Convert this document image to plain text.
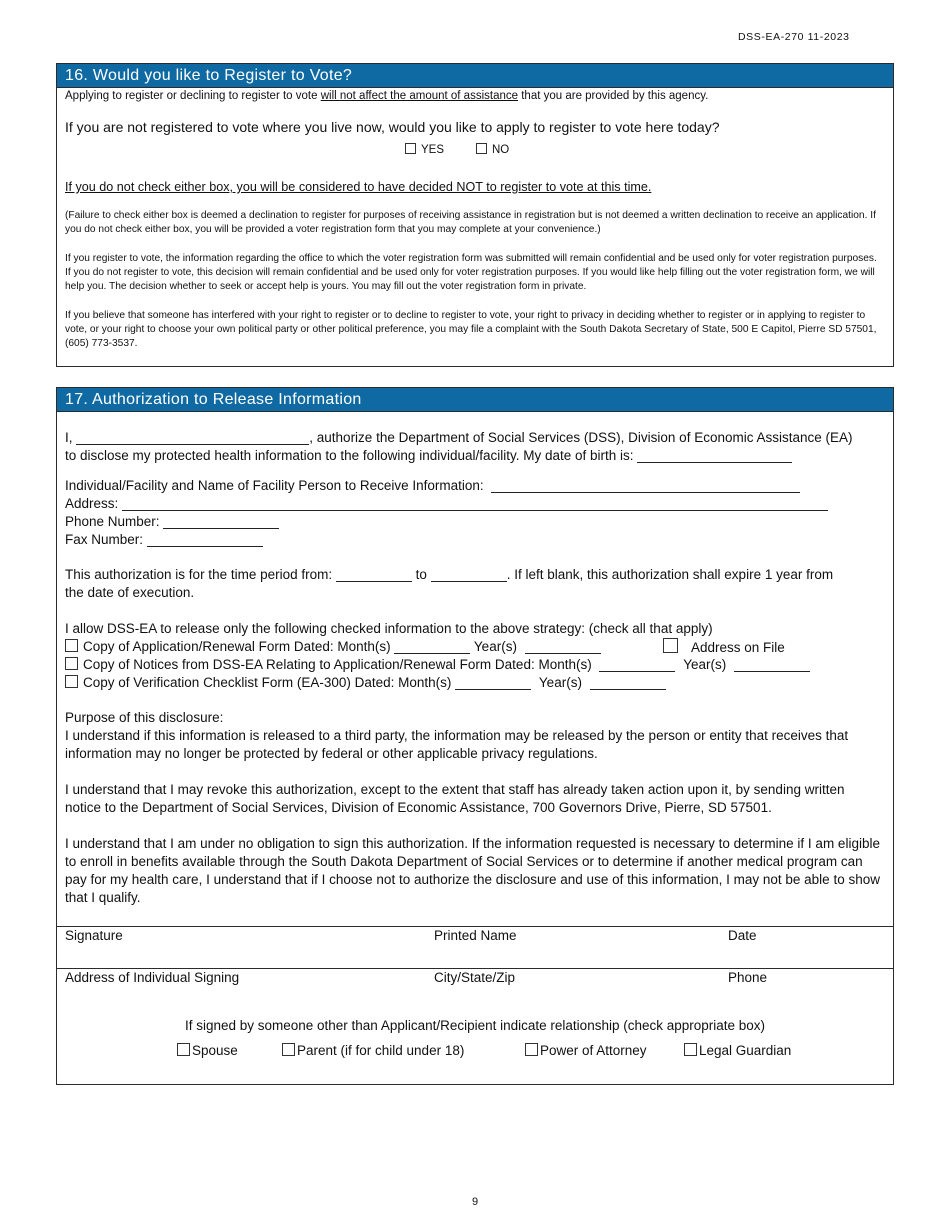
DSS-EA-270 11-2023
16. Would you like to Register to Vote?
Applying to register or declining to register to vote will not affect the amount of assistance that you are provided by this agency.
If you are not registered to vote where you live now, would you like to apply to register to vote here today?
YES	NO
If you do not check either box, you will be considered to have decided NOT to register to vote at this time.
(Failure to check either box is deemed a declination to register for purposes of receiving assistance in registration but is not deemed a written declination to receive an application. If you do not check either box, you will be provided a voter registration form that you may complete at your convenience.)
If you register to vote, the information regarding the office to which the voter registration form was submitted will remain confidential and be used only for voter registration purposes. If you do not register to vote, this decision will remain confidential and be used only for voter registration purposes. If you would like help filling out the voter registration form, we will help you. The decision whether to seek or accept help is yours. You may fill out the voter registration form in private.
If you believe that someone has interfered with your right to register or to decline to register to vote, your right to privacy in deciding whether to register or in applying to register to vote, or your right to choose your own political party or other political preference, you may file a complaint with the South Dakota Secretary of State, 500 E Capitol, Pierre SD 57501, (605) 773-3537.
17. Authorization to Release Information
I,	, authorize the Department of Social Services (DSS), Division of Economic Assistance (EA)
to disclose my protected health information to the following individual/facility. My date of birth is:
Individual/Facility and Name of Facility Person to Receive Information:
Address:
Phone Number:
Fax Number:
This authorization is for the time period from:	to	. If left blank, this authorization shall expire 1 year from
the date of execution.
I allow DSS-EA to release only the following checked information to the above strategy: (check all that apply)
Copy of Application/Renewal Form Dated: Month(s)	Year(s)	Address on File
Copy of Notices from DSS-EA Relating to Application/Renewal Form Dated: Month(s)	Year(s)
Copy of Verification Checklist Form (EA-300) Dated: Month(s)	Year(s)
Purpose of this disclosure:
I understand if this information is released to a third party, the information may be released by the person or entity that receives that information may no longer be protected by federal or other applicable privacy regulations.
I understand that I may revoke this authorization, except to the extent that staff has already taken action upon it, by sending written notice to the Department of Social Services, Division of Economic Assistance, 700 Governors Drive, Pierre, SD 57501.
I understand that I am under no obligation to sign this authorization. If the information requested is necessary to determine if I am eligible to enroll in benefits available through the South Dakota Department of Social Services or to determine if another medical program can pay for my health care, I understand that if I choose not to authorize the disclosure and use of this information, I may not be able to show that I qualify.
Signature	Printed Name	Date
Address of Individual Signing	City/State/Zip	Phone
If signed by someone other than Applicant/Recipient indicate relationship (check appropriate box)
Spouse	Parent (if for child under 18)	Power of Attorney	Legal Guardian
9
